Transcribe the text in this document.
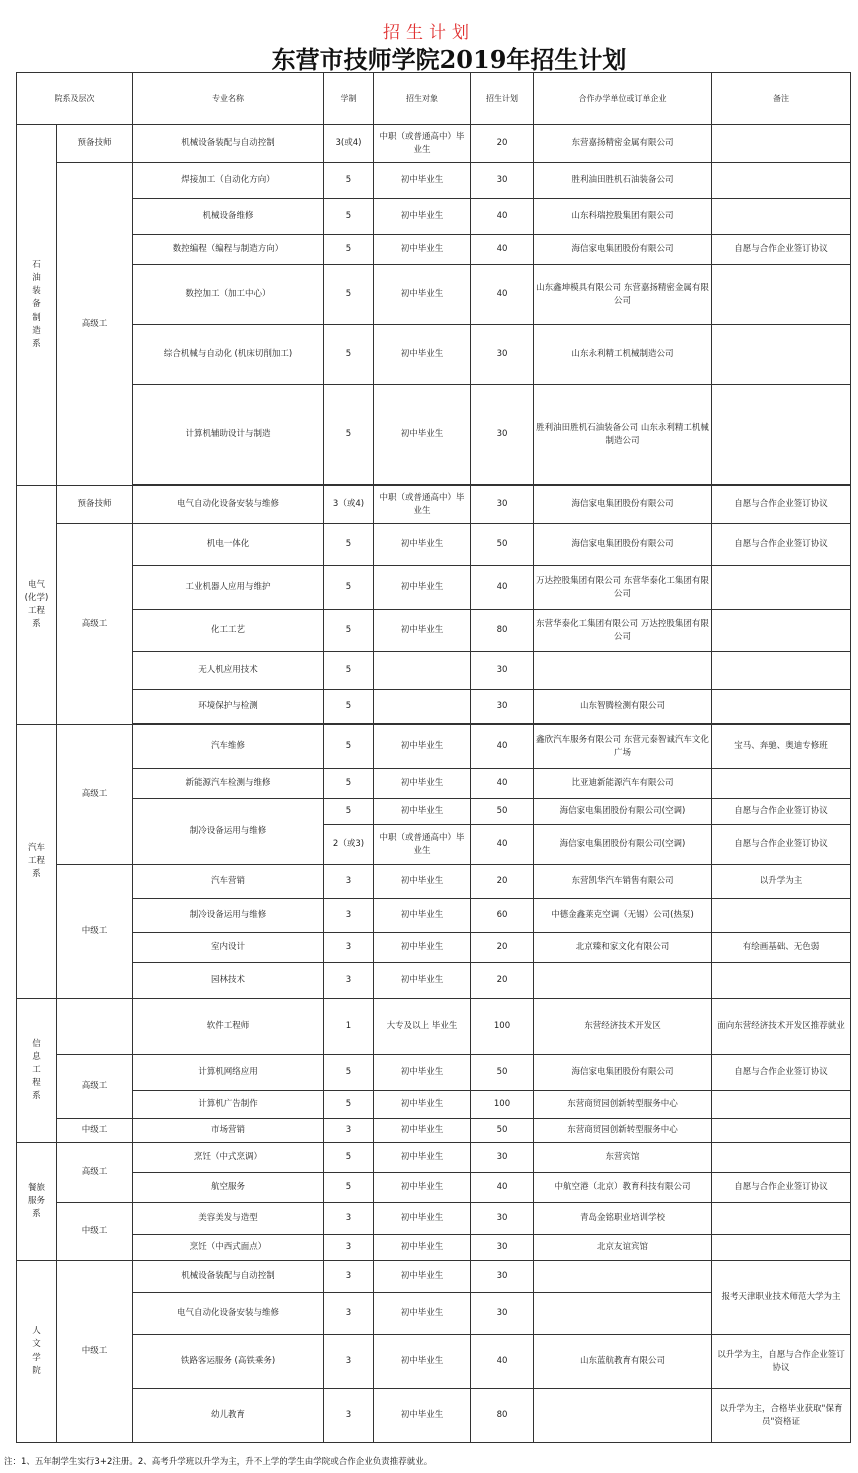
招生计划
东营市技师学院2019年招生计划
院系及层次		专业名称	学制	招生对象	招生计划	合作办学单位或订单企业	备注

石油装备制造系	预备技师	机械设备装配与自动控制	3(或4)	中职（或普通高中）毕业生	20	东营嘉扬精密金属有限公司	
	高级工	焊接加工（自动化方向）	5	初中毕业生	30	胜利油田胜机石油装备公司	
		机械设备维修	5	初中毕业生	40	山东科瑞控股集团有限公司	
		数控编程（编程与制造方向）	5	初中毕业生	40	海信家电集团股份有限公司	自愿与合作企业签订协议
		数控加工（加工中心）	5	初中毕业生	40	山东鑫坤模具有限公司 东营嘉扬精密金属有限公司	
		综合机械与自动化 (机床切削加工)	5	初中毕业生	30	山东永利精工机械制造公司	
		计算机辅助设计与制造	5	初中毕业生	30	胜利油田胜机石油装备公司 山东永利精工机械制造公司	

电气(化学)工程系	预备技师	电气自动化设备安装与维修	3（或4)	中职（或普通高中）毕业生	30	海信家电集团股份有限公司	自愿与合作企业签订协议
	高级工	机电一体化	5	初中毕业生	50	海信家电集团股份有限公司	自愿与合作企业签订协议
		工业机器人应用与维护	5	初中毕业生	40	万达控股集团有限公司 东营华泰化工集团有限公司	
		化工工艺	5	初中毕业生	80	东营华泰化工集团有限公司 万达控股集团有限公司	
		无人机应用技术	5		30		
		环境保护与检测	5		30	山东智腾检测有限公司	

汽车工程系	高级工	汽车维修	5	初中毕业生	40	鑫欣汽车服务有限公司 东营元泰智诚汽车文化广场	宝马、奔驰、奥迪专修班
		新能源汽车检测与维修	5	初中毕业生	40	比亚迪新能源汽车有限公司	
		制冷设备运用与维修	5	初中毕业生	50	海信家电集团股份有限公司(空调)	自愿与合作企业签订协议
			2（或3)	中职（或普通高中）毕业生	40	海信家电集团股份有限公司(空调)	自愿与合作企业签订协议
	中级工	汽车营销	3	初中毕业生	20	东营凯华汽车销售有限公司	以升学为主
		制冷设备运用与维修	3	初中毕业生	60	中德金鑫莱克空调（无锡）公司(热泵)	
		室内设计	3	初中毕业生	20	北京臻和家文化有限公司	有绘画基础、无色弱
		园林技术	3	初中毕业生	20		

信息工程系		软件工程师	1	大专及以上 毕业生	100	东营经济技术开发区	面向东营经济技术开发区推荐就业
	高级工	计算机网络应用	5	初中毕业生	50	海信家电集团股份有限公司	自愿与合作企业签订协议
		计算机广告制作	5	初中毕业生	100	东营商贸园创新转型服务中心	
	中级工	市场营销	3	初中毕业生	50	东营商贸园创新转型服务中心	

餐旅服务系	高级工	烹饪（中式烹调）	5	初中毕业生	30	东营宾馆	
		航空服务	5	初中毕业生	40	中航空港（北京）教育科技有限公司	自愿与合作企业签订协议
	中级工	美容美发与造型	3	初中毕业生	30	青岛金铭职业培训学校	
		烹饪（中西式面点）	3	初中毕业生	30	北京友谊宾馆	

人文学院	中级工	机械设备装配与自动控制	3	初中毕业生	30		报考天津职业技术师范大学为主
		电气自动化设备安装与维修	3	初中毕业生	30		
		铁路客运服务 (高铁乘务)	3	初中毕业生	40	山东蓝航教育有限公司	以升学为主，自愿与合作企业签订协议
		幼儿教育	3	初中毕业生	80		以升学为主，合格毕业获取"保育员"资格证
注：1、五年制学生实行3+2注册。2、高考升学班以升学为主，升不上学的学生由学院或合作企业负责推荐就业。
